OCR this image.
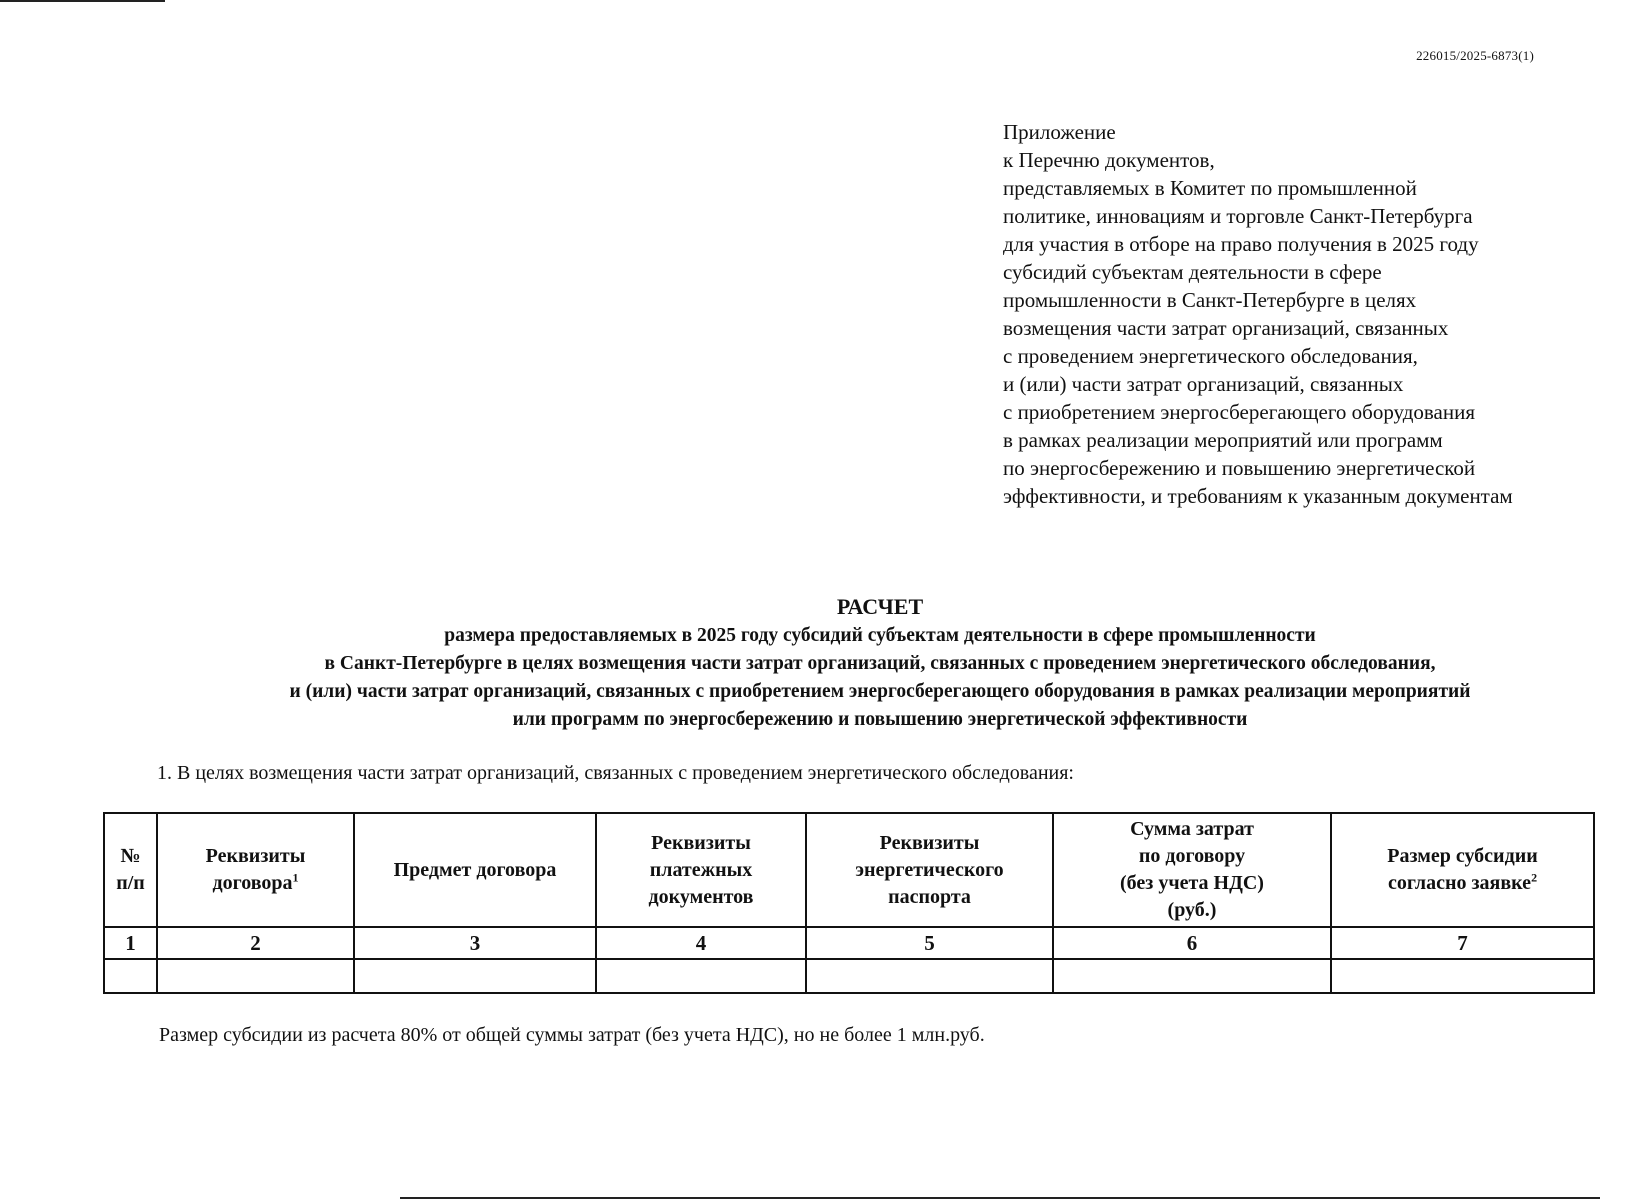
226015/2025-6873(1)
Приложение
к Перечню документов,
представляемых в Комитет по промышленной
политике, инновациям и торговле Санкт-Петербурга
для участия в отборе на право получения в 2025 году
субсидий субъектам деятельности в сфере
промышленности в Санкт-Петербурге в целях
возмещения части затрат организаций, связанных
с проведением энергетического обследования,
и (или) части затрат организаций, связанных
с приобретением энергосберегающего оборудования
в рамках реализации мероприятий или программ
по энергосбережению и повышению энергетической
эффективности, и требованиям к указанным документам
РАСЧЕТ
размера предоставляемых в 2025 году субсидий субъектам деятельности в сфере промышленности
в Санкт-Петербурге в целях возмещения части затрат организаций, связанных с проведением энергетического обследования,
и (или) части затрат организаций, связанных с приобретением энергосберегающего оборудования в рамках реализации мероприятий
или программ по энергосбережению и повышению энергетической эффективности
1. В целях возмещения части затрат организаций, связанных с проведением энергетического обследования:
№
п/п	Реквизиты
договора$^1$	Предмет договора	Реквизиты
платежных
документов	Реквизиты
энергетического
паспорта	Сумма затрат
по договору
(без учета НДС)
(руб.)	Размер субсидии
согласно заявке$^2$
1	2	3	4	5	6	7

Размер субсидии из расчета 80% от общей суммы затрат (без учета НДС), но не более 1 млн.руб.
